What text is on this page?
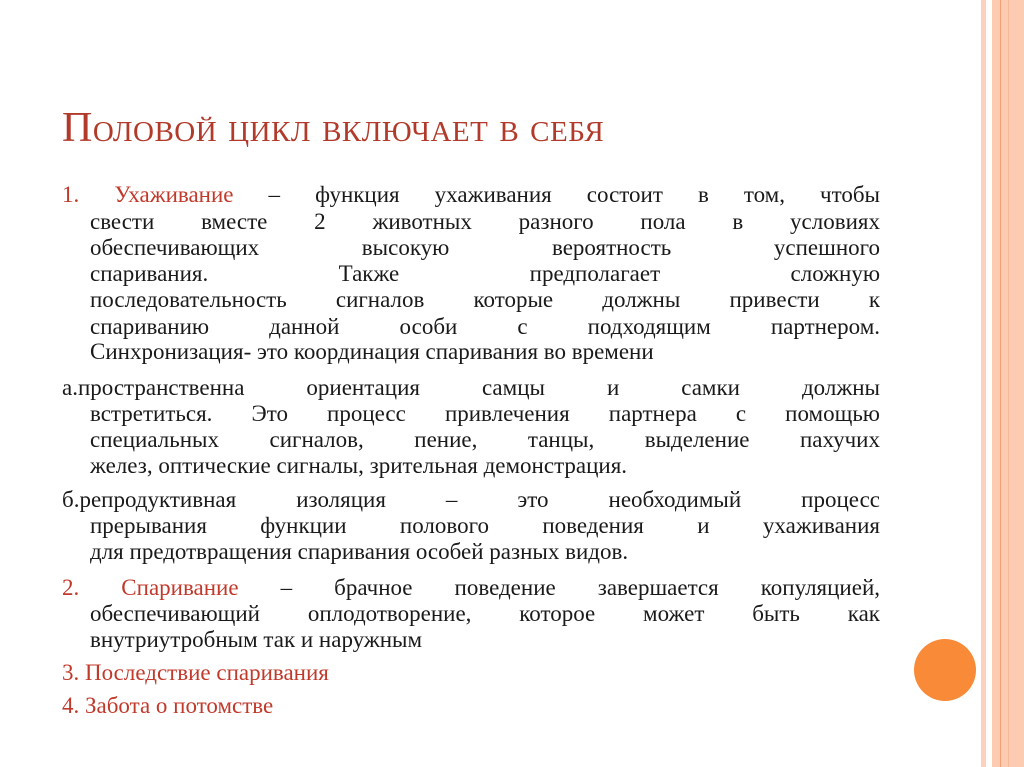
Половой цикл включает в себя
1. Ухаживание – функция ухаживания состоит в том, чтобы
свести вместе 2 животных разного пола в условиях
обеспечивающих высокую вероятность успешного
спаривания. Также предполагает сложную
последовательность сигналов которые должны привести к
спариванию данной особи с подходящим партнером.
Синхронизация- это координация спаривания во времени
а.пространственна ориентация самцы и самки должны
встретиться. Это процесс привлечения партнера с помощью
специальных сигналов, пение, танцы, выделение пахучих
желез, оптические сигналы, зрительная демонстрация.
б.репродуктивная изоляция – это необходимый процесс
прерывания функции полового поведения и ухаживания
для предотвращения спаривания особей разных видов.
2. Спаривание – брачное поведение завершается копуляцией,
обеспечивающий оплодотворение, которое может быть как
внутриутробным так и наружным
3. Последствие спаривания
4. Забота о потомстве
